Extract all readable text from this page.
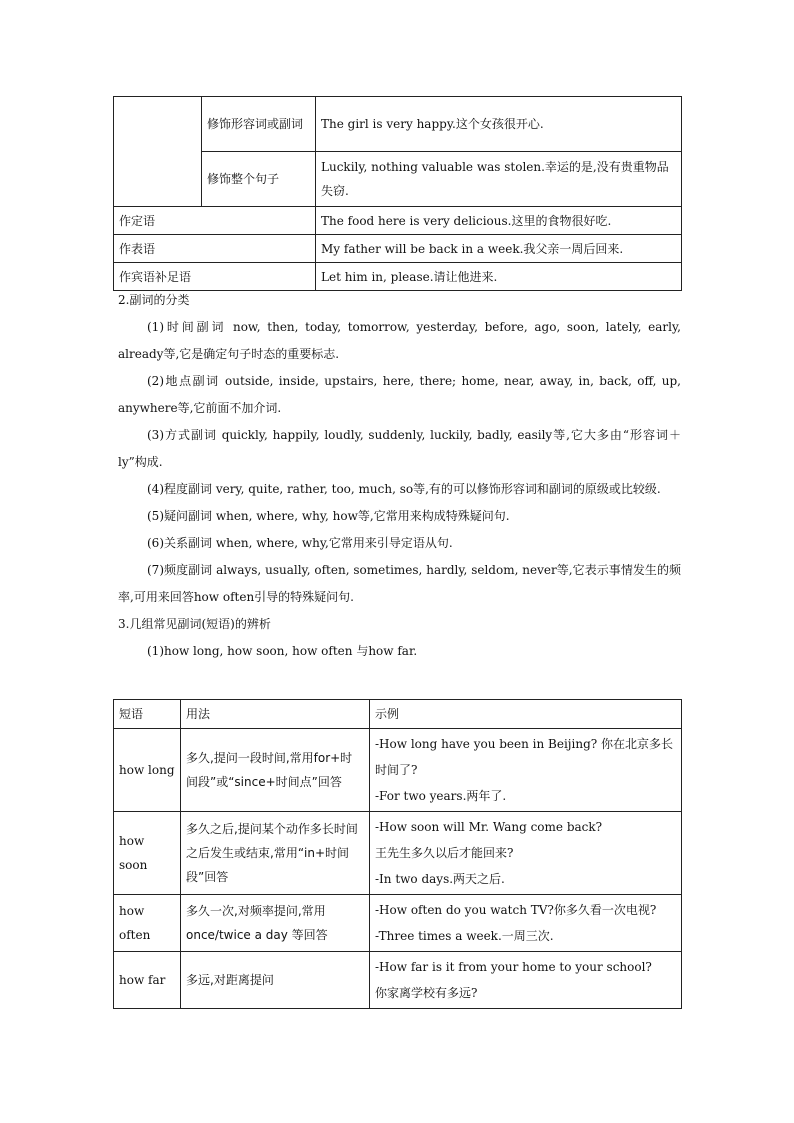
	修饰形容词或副词	The girl is very happy.这个女孩很开心.
	修饰整个句子	Luckily, nothing valuable was stolen.幸运的是,没有贵重物品失窃.
作定语		The food here is very delicious.这里的食物很好吃.
作表语		My father will be back in a week.我父亲一周后回来.
作宾语补足语		Let him in, please.请让他进来.

2.副词的分类

(1)时间副词 now, then, today, tomorrow, yesterday, before, ago, soon, lately, early, already等,它是确定句子时态的重要标志.

(2)地点副词 outside, inside, upstairs, here, there; home, near, away, in, back, off, up, anywhere等,它前面不加介词.

(3)方式副词 quickly, happily, loudly, suddenly, luckily, badly, easily等,它大多由“形容词＋ly”构成.

(4)程度副词 very, quite, rather, too, much, so等,有的可以修饰形容词和副词的原级或比较级.

(5)疑问副词 when, where, why, how等,它常用来构成特殊疑问句.

(6)关系副词 when, where, why,它常用来引导定语从句.

(7)频度副词 always, usually, often, sometimes, hardly, seldom, never等,它表示事情发生的频率,可用来回答how often引导的特殊疑问句.

3.几组常见副词(短语)的辨析

(1)how long, how soon, how often 与how far.

短语	用法	示例
how long	多久,提问一段时间,常用for+时间段”或“since+时间点”回答	-How long have you been in Beijing? 你在北京多长时间了?
-For two years.两年了.

how soon	多久之后,提问某个动作多长时间之后发生或结束,常用“in+时间段”回答	-How soon will Mr. Wang come back?
王先生多久以后才能回来?
-In two days.两天之后.

how often	多久一次,对频率提问,常用once/twice a day 等回答	-How often do you watch TV?你多久看一次电视?
-Three times a week.一周三次.

how far	多远,对距离提问	-How far is it from your home to your school?
你家离学校有多远?
